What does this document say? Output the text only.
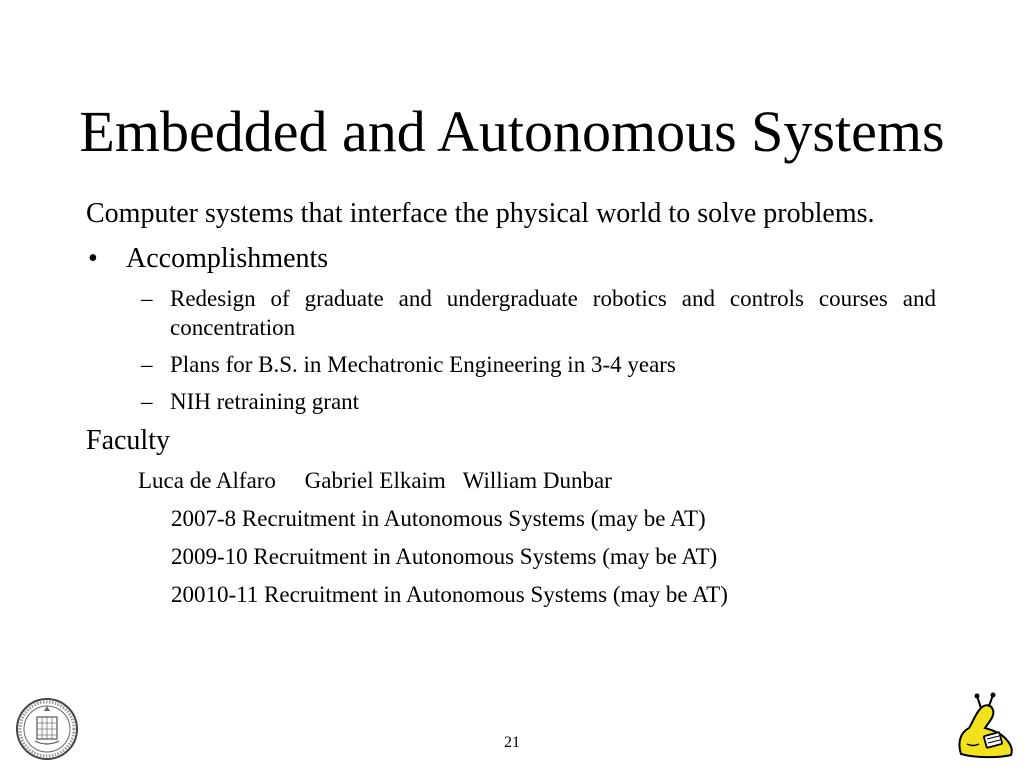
Embedded and Autonomous Systems
Computer systems that interface the physical world to solve problems.
• Accomplishments
– Redesign of graduate and undergraduate robotics and controls courses and concentration
– Plans for B.S. in Mechatronic Engineering in 3-4 years
– NIH retraining grant
Faculty
Luca de Alfaro     Gabriel Elkaim   William Dunbar
2007-8 Recruitment in Autonomous Systems (may be AT)
2009-10 Recruitment in Autonomous Systems (may be AT)
20010-11 Recruitment in Autonomous Systems (may be AT)
21
